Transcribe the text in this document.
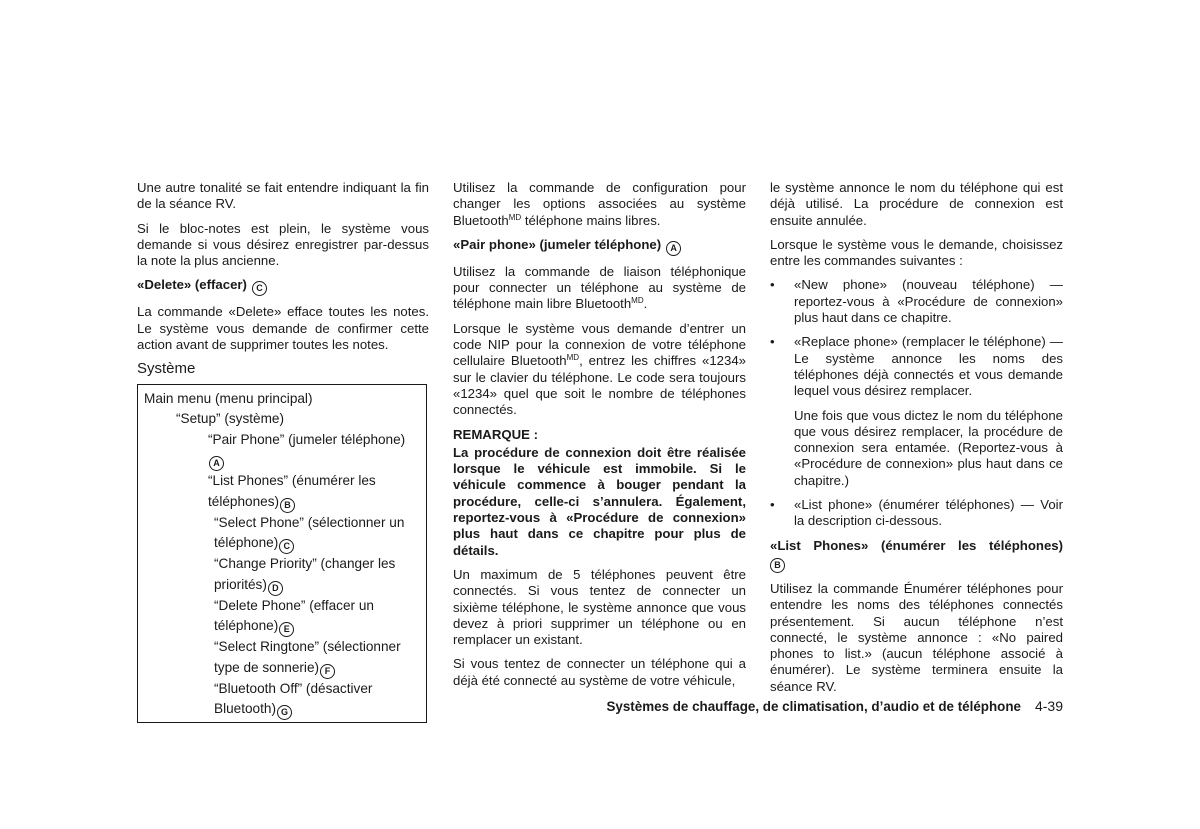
Une autre tonalité se fait entendre indiquant la fin de la séance RV.

Si le bloc-notes est plein, le système vous demande si vous désirez enregistrer par-dessus la note la plus ancienne.

«Delete» (effacer) C

La commande «Delete» efface toutes les notes. Le système vous demande de confirmer cette action avant de supprimer toutes les notes.

Système
Main menu (menu principal)
“Setup” (système)
“Pair Phone” (jumeler téléphone)A
“List Phones” (énumérer les
téléphones) B
“Select Phone” (sélectionner un
téléphone) C
“Change Priority” (changer les
priorités) D
“Delete Phone” (effacer un
téléphone) E
“Select Ringtone” (sélectionner
type de sonnerie) F
“Bluetooth Off” (désactiver
Bluetooth) G

Utilisez la commande de configuration pour changer les options associées au système Bluetooth$^{MD}$ téléphone mains libres.

«Pair phone» (jumeler téléphone) A

Utilisez la commande de liaison téléphonique pour connecter un téléphone au système de téléphone main libre Bluetooth$^{MD}$.

Lorsque le système vous demande d’entrer un code NIP pour la connexion de votre téléphone cellulaire Bluetooth$^{MD}$, entrez les chiffres «1234» sur le clavier du téléphone. Le code sera toujours «1234» quel que soit le nombre de téléphones connectés.

REMARQUE :

La procédure de connexion doit être réalisée lorsque le véhicule est immobile. Si le véhicule commence à bouger pendant la procédure, celle-ci s’annulera. Également, reportez-vous à «Procédure de connexion» plus haut dans ce chapitre pour plus de détails.

Un maximum de 5 téléphones peuvent être connectés. Si vous tentez de connecter un sixième téléphone, le système annonce que vous devez à priori supprimer un téléphone ou en remplacer un existant.

Si vous tentez de connecter un téléphone qui a déjà été connecté au système de votre véhicule,

le système annonce le nom du téléphone qui est déjà utilisé. La procédure de connexion est ensuite annulée.

Lorsque le système vous le demande, choisissez entre les commandes suivantes :

• «New phone» (nouveau téléphone) — reportez-vous à «Procédure de connexion» plus haut dans ce chapitre.

• «Replace phone» (remplacer le téléphone) — Le système annonce les noms des téléphones déjà connectés et vous demande lequel vous désirez remplacer.

Une fois que vous dictez le nom du téléphone que vous désirez remplacer, la procédure de connexion sera entamée. (Reportez-vous à «Procédure de connexion» plus haut dans ce chapitre.)

• «List phone» (énumérer téléphones) — Voir la description ci-dessous.

«List Phones» (énumérer les téléphones)
B

Utilisez la commande Énumérer téléphones pour entendre les noms des téléphones connectés présentement. Si aucun téléphone n’est connecté, le système annonce : «No paired phones to list.» (aucun téléphone associé à énumérer). Le système terminera ensuite la séance RV.

Systèmes de chauffage, de climatisation, d’audio et de téléphone 4-39
